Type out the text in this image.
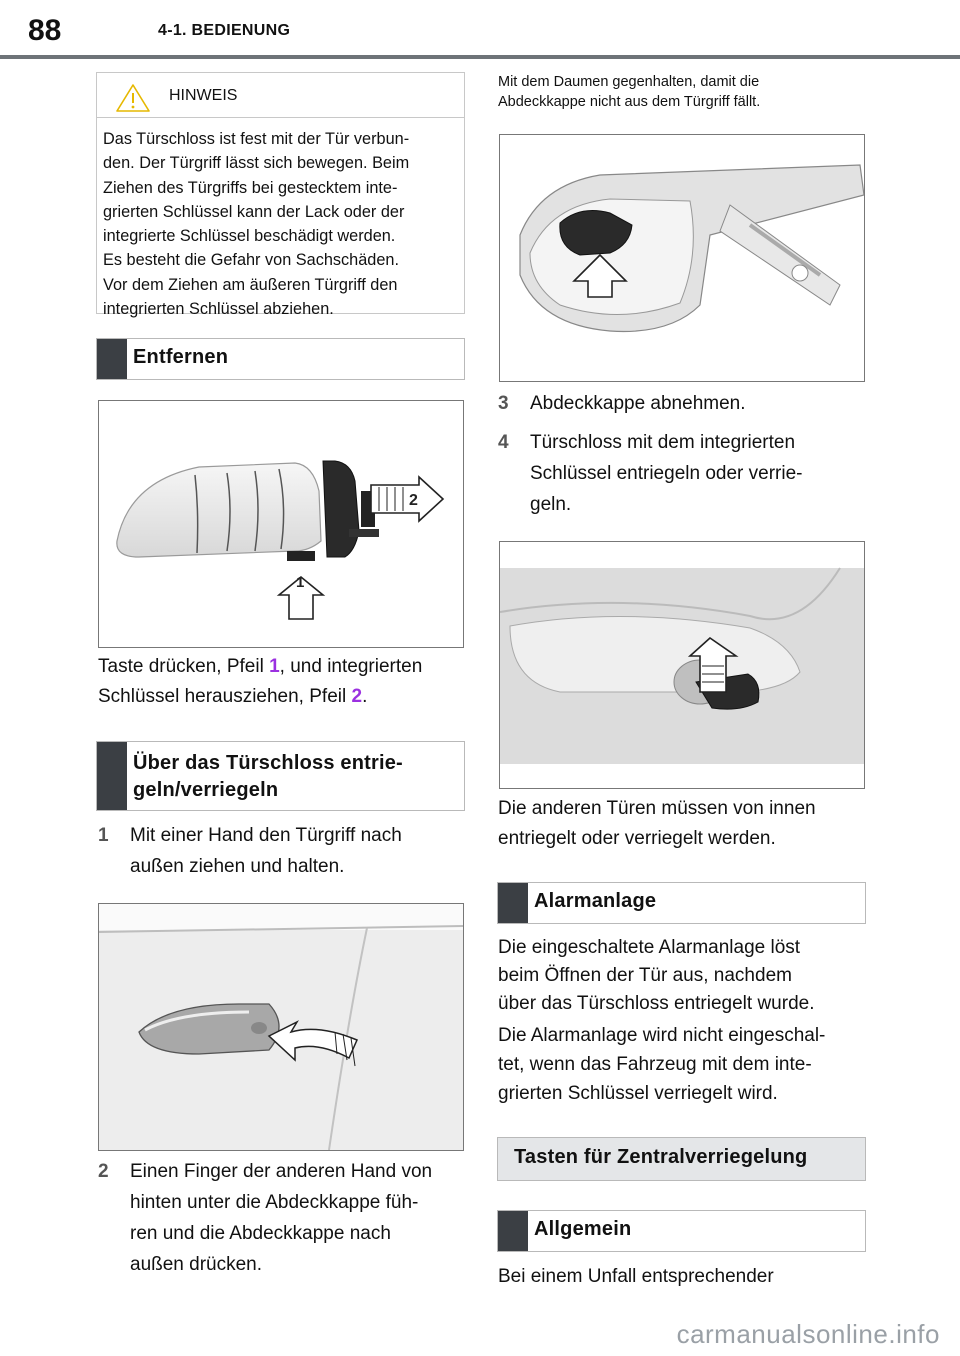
88	4-1. BEDIENUNG
HINWEIS
Das Türschloss ist fest mit der Tür verbun-
den. Der Türgriff lässt sich bewegen. Beim
Ziehen des Türgriffs bei gestecktem inte-
grierten Schlüssel kann der Lack oder der
integrierte Schlüssel beschädigt werden.
Es besteht die Gefahr von Sachschäden.
Vor dem Ziehen am äußeren Türgriff den
integrierten Schlüssel abziehen.
Entfernen
2
1
Taste drücken, Pfeil 1, und integrierten
Schlüssel herausziehen, Pfeil 2.
Über das Türschloss entrie-
geln/verriegeln
1 Mit einer Hand den Türgriff nach
außen ziehen und halten.
2 Einen Finger der anderen Hand von
hinten unter die Abdeckkappe füh-
ren und die Abdeckkappe nach
außen drücken.
Mit dem Daumen gegenhalten, damit die
Abdeckkappe nicht aus dem Türgriff fällt.
3 Abdeckkappe abnehmen.
4 Türschloss mit dem integrierten
Schlüssel entriegeln oder verrie-
geln.
Die anderen Türen müssen von innen
entriegelt oder verriegelt werden.
Alarmanlage
Die eingeschaltete Alarmanlage löst
beim Öffnen der Tür aus, nachdem
über das Türschloss entriegelt wurde.
Die Alarmanlage wird nicht eingeschal-
tet, wenn das Fahrzeug mit dem inte-
grierten Schlüssel verriegelt wird.
Tasten für Zentralverriegelung
Allgemein
Bei einem Unfall entsprechender
carmanualsonline.info
